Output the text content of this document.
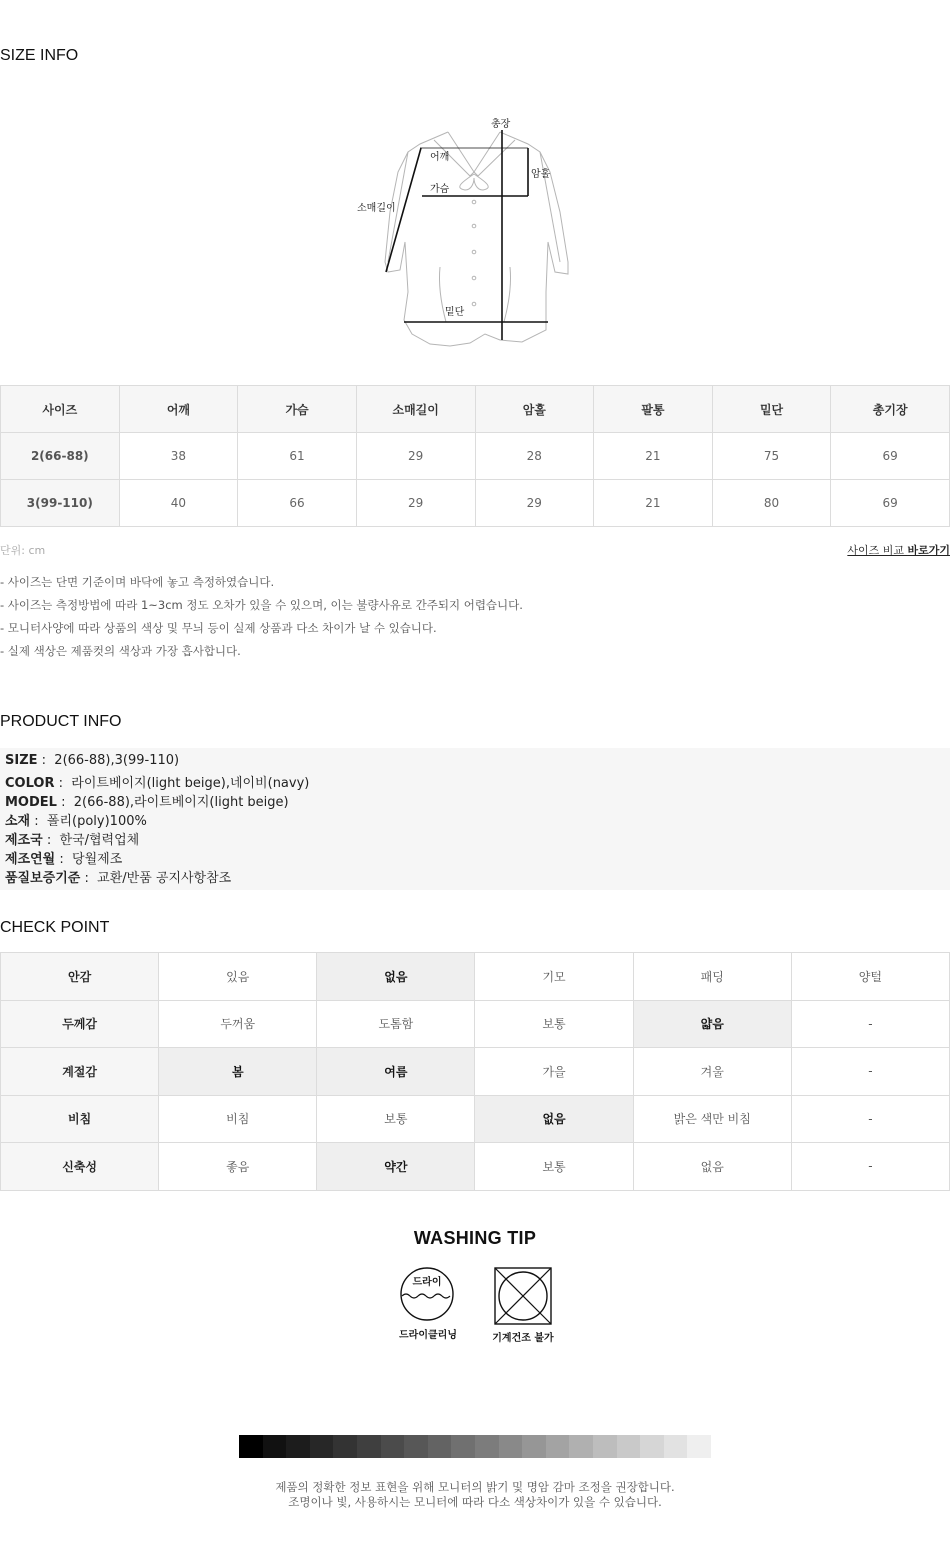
SIZE INFO
총장
어깨
암홀
가슴
소매길이
밑단
사이즈	어깨	가슴	소매길이	암홀	팔통	밑단	총기장
2(66-88)	38	61	29	28	21	75	69
3(99-110)	40	66	29	29	21	80	69
단위: cm	사이즈 비교 바로가기
- 사이즈는 단면 기준이며 바닥에 놓고 측정하였습니다.
- 사이즈는 측정방법에 따라 1~3cm 정도 오차가 있을 수 있으며, 이는 불량사유로 간주되지 어렵습니다.
- 모니터사양에 따라 상품의 색상 및 무늬 등이 실제 상품과 다소 차이가 날 수 있습니다.
- 실제 색상은 제품컷의 색상과 가장 흡사합니다.
PRODUCT INFO
SIZE :  2(66-88),3(99-110)
COLOR :  라이트베이지(light beige),네이비(navy)
MODEL :  2(66-88),라이트베이지(light beige)
소재 :  폴리(poly)100%
제조국 :  한국/협력업체
제조연월 :  당월제조
품질보증기준 :  교환/반품 공지사항참조
CHECK POINT
안감	있음	없음	기모	패딩	양털
두께감	두꺼움	도톰함	보통	얇음	-
계절감	봄	여름	가을	겨울	-
비침	비침	보통	없음	밝은 색만 비침	-
신축성	좋음	약간	보통	없음	-
WASHING TIP
드라이
드라이클리닝	기계건조 불가
제품의 정확한 정보 표현을 위해 모니터의 밝기 및 명암 감마 조정을 권장합니다.
조명이나 빛, 사용하시는 모니터에 따라 다소 색상차이가 있을 수 있습니다.
